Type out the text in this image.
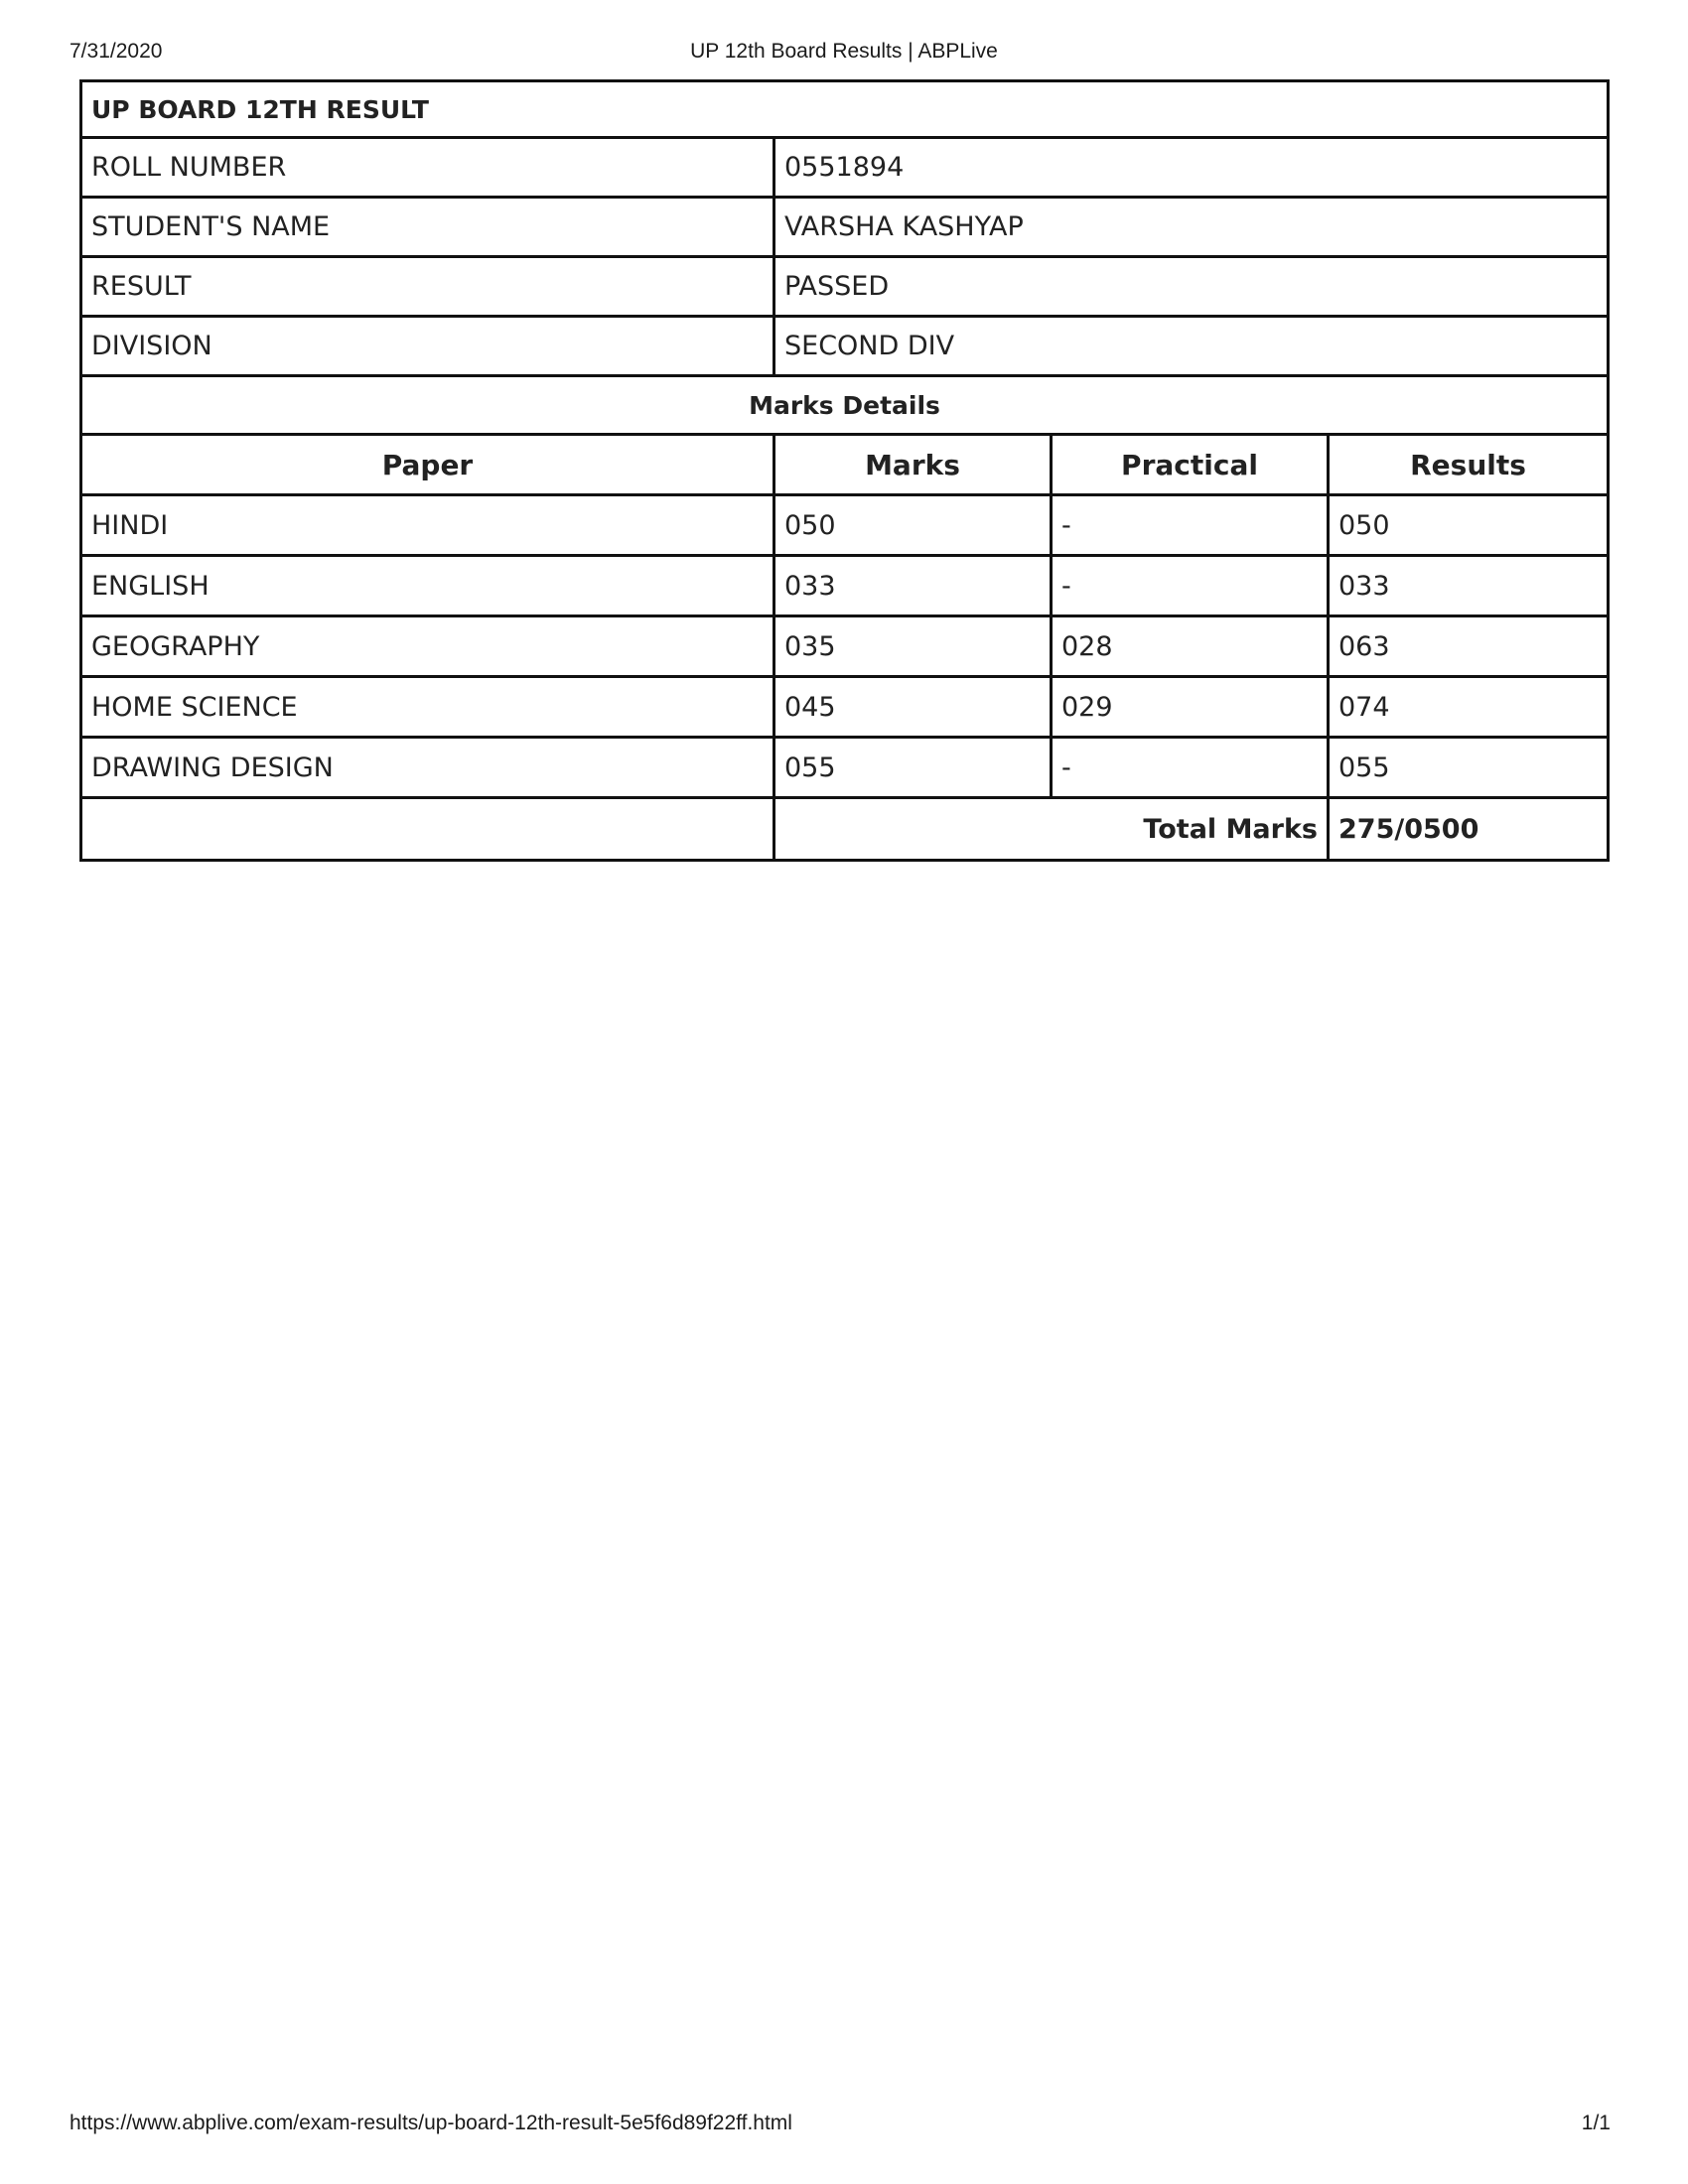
7/31/2020	UP 12th Board Results | ABPLive
UP BOARD 12TH RESULT			
ROLL NUMBER	0551894		
STUDENT'S NAME	VARSHA KASHYAP		
RESULT	PASSED		
DIVISION	SECOND DIV		
Marks Details			
Paper	Marks	Practical	Results
HINDI	050	-	050
ENGLISH	033	-	033
GEOGRAPHY	035	028	063
HOME SCIENCE	045	029	074
DRAWING DESIGN	055	-	055
	Total Marks		275/0500
https://www.abplive.com/exam-results/up-board-12th-result-5e5f6d89f22ff.html	1/1
